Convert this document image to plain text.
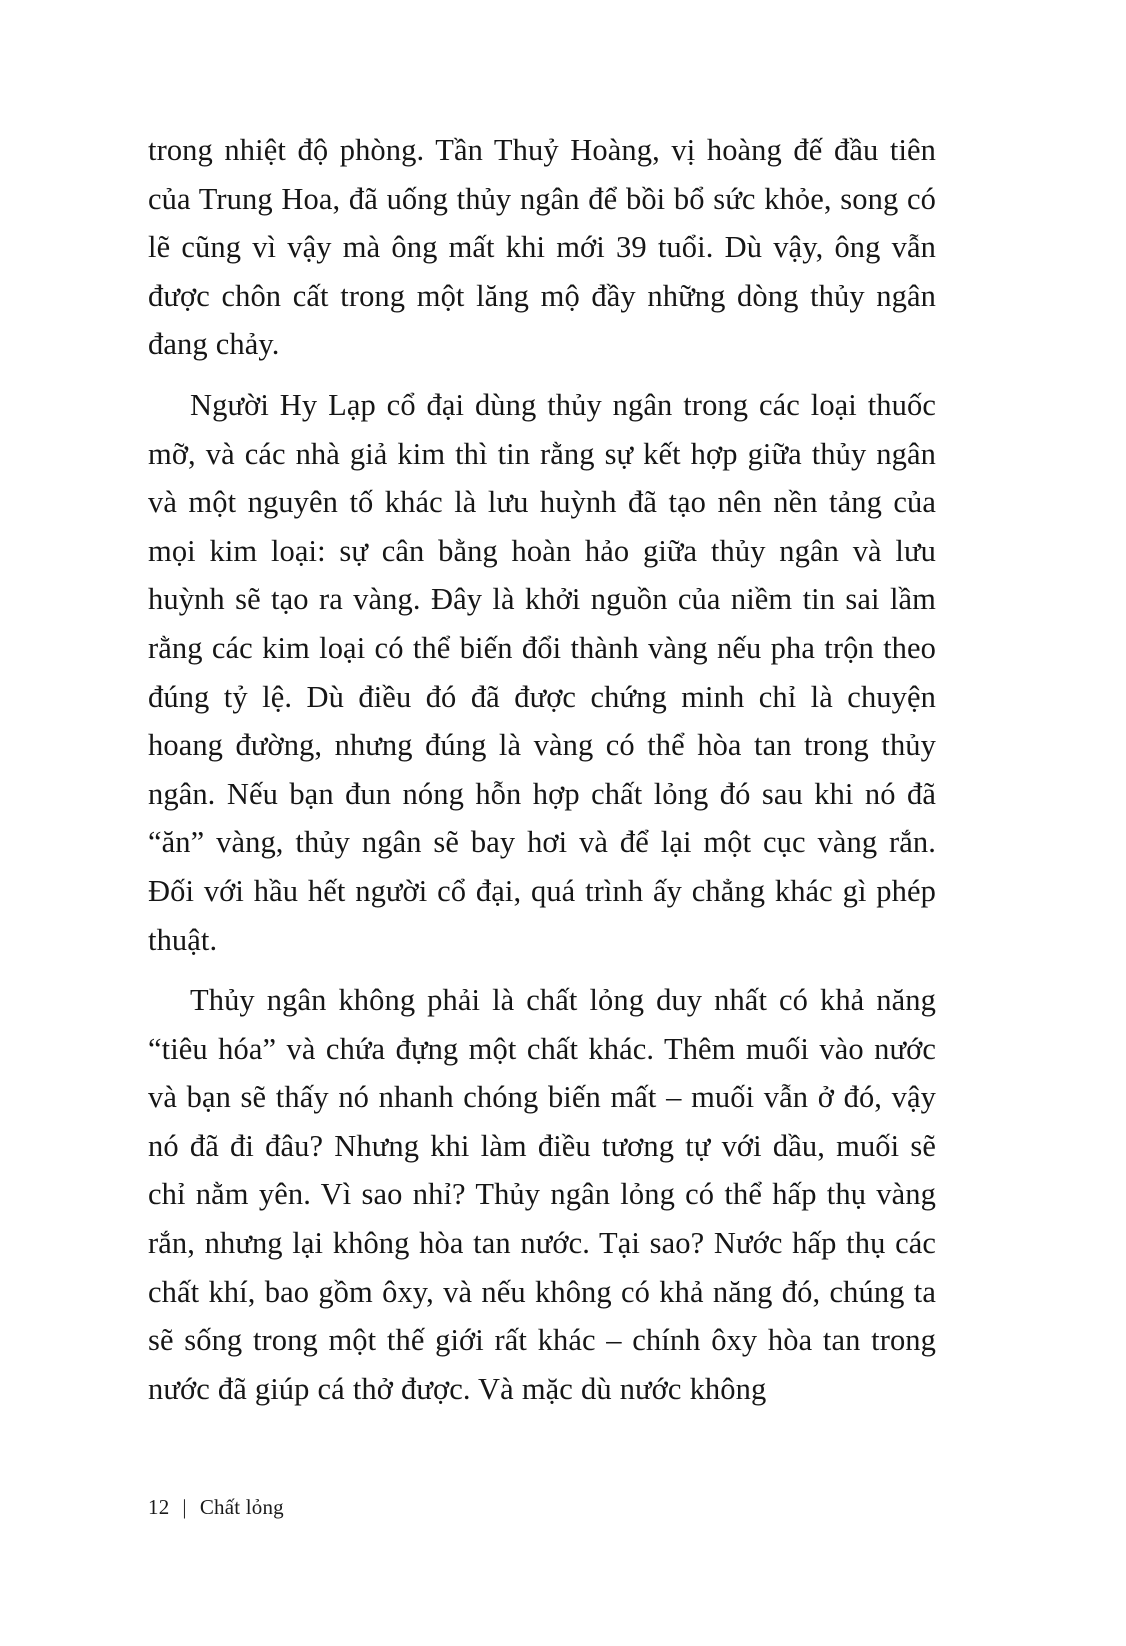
trong nhiệt độ phòng. Tần Thuỷ Hoàng, vị hoàng đế đầu tiên của Trung Hoa, đã uống thủy ngân để bồi bổ sức khỏe, song có lẽ cũng vì vậy mà ông mất khi mới 39 tuổi. Dù vậy, ông vẫn được chôn cất trong một lăng mộ đầy những dòng thủy ngân đang chảy.

Người Hy Lạp cổ đại dùng thủy ngân trong các loại thuốc mỡ, và các nhà giả kim thì tin rằng sự kết hợp giữa thủy ngân và một nguyên tố khác là lưu huỳnh đã tạo nên nền tảng của mọi kim loại: sự cân bằng hoàn hảo giữa thủy ngân và lưu huỳnh sẽ tạo ra vàng. Đây là khởi nguồn của niềm tin sai lầm rằng các kim loại có thể biến đổi thành vàng nếu pha trộn theo đúng tỷ lệ. Dù điều đó đã được chứng minh chỉ là chuyện hoang đường, nhưng đúng là vàng có thể hòa tan trong thủy ngân. Nếu bạn đun nóng hỗn hợp chất lỏng đó sau khi nó đã “ăn” vàng, thủy ngân sẽ bay hơi và để lại một cục vàng rắn. Đối với hầu hết người cổ đại, quá trình ấy chẳng khác gì phép thuật.

Thủy ngân không phải là chất lỏng duy nhất có khả năng “tiêu hóa” và chứa đựng một chất khác. Thêm muối vào nước và bạn sẽ thấy nó nhanh chóng biến mất – muối vẫn ở đó, vậy nó đã đi đâu? Nhưng khi làm điều tương tự với dầu, muối sẽ chỉ nằm yên. Vì sao nhỉ? Thủy ngân lỏng có thể hấp thụ vàng rắn, nhưng lại không hòa tan nước. Tại sao? Nước hấp thụ các chất khí, bao gồm ôxy, và nếu không có khả năng đó, chúng ta sẽ sống trong một thế giới rất khác – chính ôxy hòa tan trong nước đã giúp cá thở được. Và mặc dù nước không

12 | Chất lỏng
